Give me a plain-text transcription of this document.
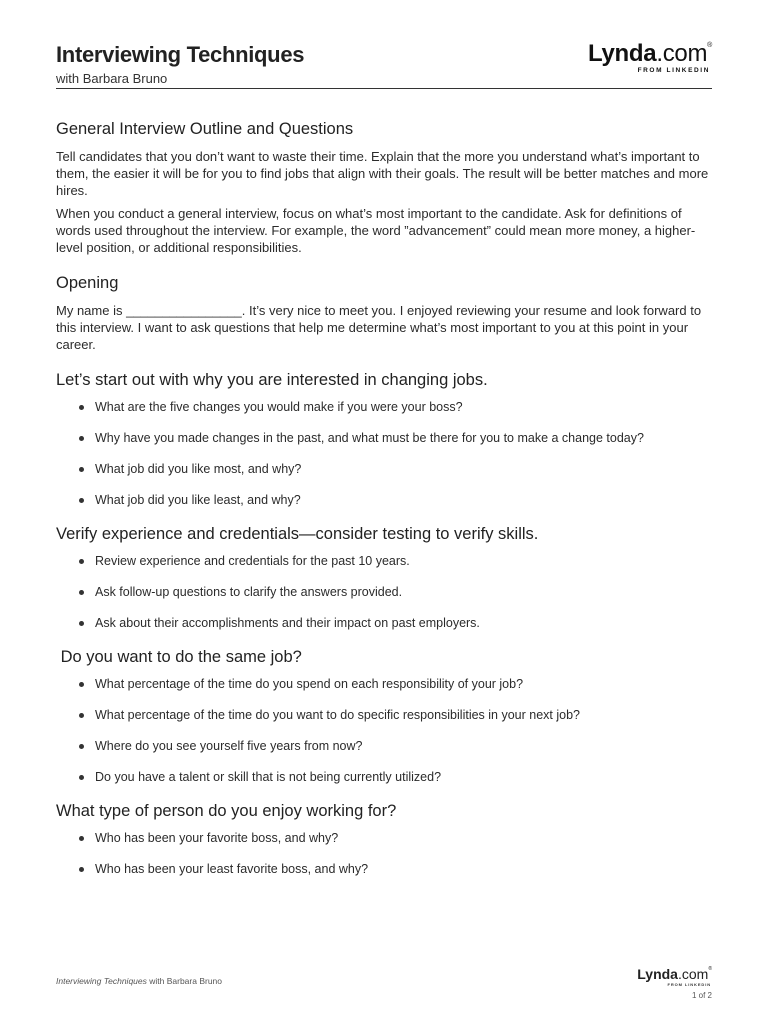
Interviewing Techniques
with Barbara Bruno
Lynda.com®
FROM LINKEDIN
General Interview Outline and Questions

Tell candidates that you don’t want to waste their time. Explain that the more you understand what’s important to them, the easier it will be for you to find jobs that align with their goals. The result will be better matches and more hires.

When you conduct a general interview, focus on what’s most important to the candidate. Ask for definitions of words used throughout the interview. For example, the word ”advancement” could mean more money, a higher-level position, or additional responsibilities.

Opening

My name is ________________. It’s very nice to meet you. I enjoyed reviewing your resume and look forward to this interview. I want to ask questions that help me determine what’s most important to you at this point in your career.

Let’s start out with why you are interested in changing jobs.
What are the five changes you would make if you were your boss?
Why have you made changes in the past, and what must be there for you to make a change today?
What job did you like most, and why?
What job did you like least, and why?
Verify experience and credentials—consider testing to verify skills.
Review experience and credentials for the past 10 years.
Ask follow-up questions to clarify the answers provided.
Ask about their accomplishments and their impact on past employers.
Do you want to do the same job?
What percentage of the time do you spend on each responsibility of your job?
What percentage of the time do you want to do specific responsibilities in your next job?
Where do you see yourself five years from now?
Do you have a talent or skill that is not being currently utilized?
What type of person do you enjoy working for?
Who has been your favorite boss, and why?
Who has been your least favorite boss, and why?
Interviewing Techniques with Barbara Bruno	Lynda.com®
FROM LINKEDIN
1 of 2
